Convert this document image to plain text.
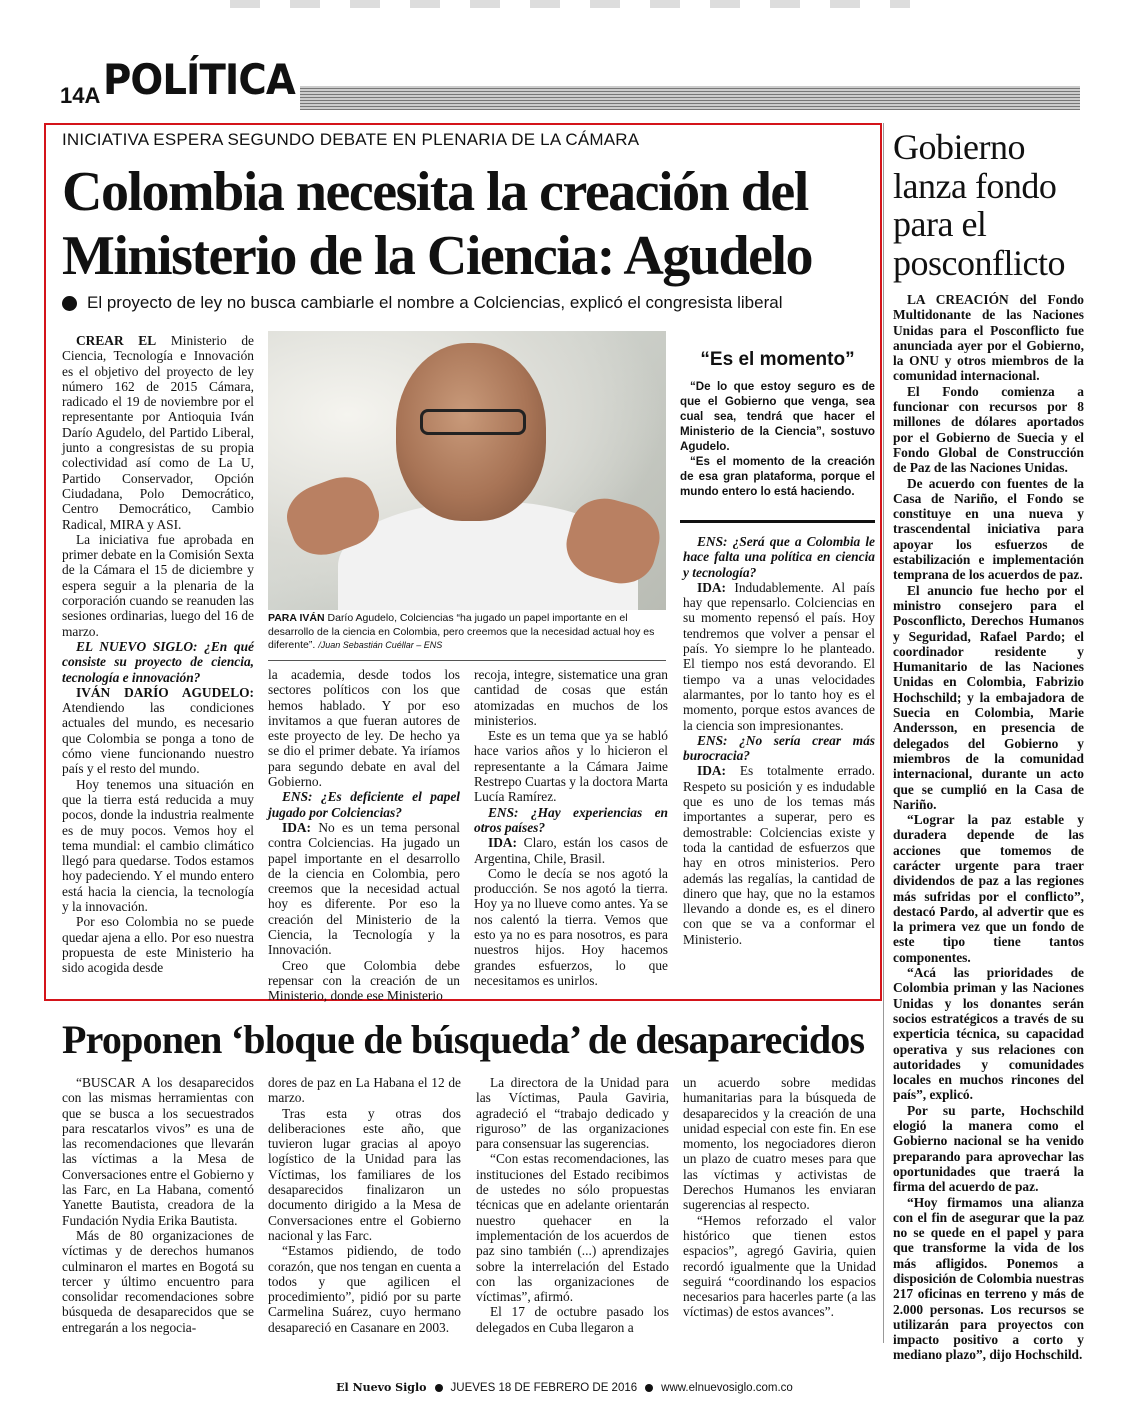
14A POLÍTICA
INICIATIVA ESPERA SEGUNDO DEBATE EN PLENARIA DE LA CÁMARA
Colombia necesita la creación del Ministerio de la Ciencia: Agudelo
El proyecto de ley no busca cambiarle el nombre a Colciencias, explicó el congresista liberal

CREAR EL Ministerio de Ciencia, Tecnología e Innovación es el objetivo del proyecto de ley número 162 de 2015 Cámara, radicado el 19 de noviembre por el representante por Antioquia Iván Darío Agudelo, del Partido Liberal, junto a congresistas de su propia colectividad así como de La U, Partido Conservador, Opción Ciudadana, Polo Democrático, Centro Democrático, Cambio Radical, MIRA y ASI.

La iniciativa fue aprobada en primer debate en la Comisión Sexta de la Cámara el 15 de diciembre y espera seguir a la plenaria de la corporación cuando se reanuden las sesiones ordinarias, luego del 16 de marzo.

EL NUEVO SIGLO: ¿En qué consiste su proyecto de ciencia, tecnología e innovación?

IVÁN DARÍO AGUDELO: Atendiendo las condiciones actuales del mundo, es necesario que Colombia se ponga a tono de cómo viene funcionando nuestro país y el resto del mundo.

Hoy tenemos una situación en que la tierra está reducida a muy pocos, donde la industria realmente es de muy pocos. Vemos hoy el tema mundial: el cambio climático llegó para quedarse. Todos estamos hoy padeciendo. Y el mundo entero está hacia la ciencia, la tecnología y la innovación.

Por eso Colombia no se puede quedar ajena a ello. Por eso nuestra propuesta de este Ministerio ha sido acogida desde

PARA IVÁN Darío Agudelo, Colciencias “ha jugado un papel importante en el desarrollo de la ciencia en Colombia, pero creemos que la necesidad actual hoy es diferente”. /Juan Sebastián Cuéllar – ENS

la academia, desde todos los sectores políticos con los que hemos hablado. Y por eso invitamos a que fueran autores de este proyecto de ley. De hecho ya se dio el primer debate. Ya iríamos para segundo debate en aval del Gobierno.

ENS: ¿Es deficiente el papel jugado por Colciencias?

IDA: No es un tema personal contra Colciencias. Ha jugado un papel importante en el desarrollo de la ciencia en Colombia, pero creemos que la necesidad actual hoy es diferente. Por eso la creación del Ministerio de la Ciencia, la Tecnología y la Innovación.

Creo que Colombia debe repensar con la creación de un Ministerio, donde ese Ministerio

recoja, integre, sistematice una gran cantidad de cosas que están atomizadas en muchos de los ministerios.

Este es un tema que ya se habló hace varios años y lo hicieron el representante a la Cámara Jaime Restrepo Cuartas y la doctora Marta Lucía Ramírez.

ENS: ¿Hay experiencias en otros países?

IDA: Claro, están los casos de Argentina, Chile, Brasil.

Como le decía se nos agotó la producción. Se nos agotó la tierra. Hoy ya no llueve como antes. Ya se nos calentó la tierra. Vemos que esto ya no es para nosotros, es para nuestros hijos. Hoy hacemos grandes esfuerzos, lo que necesitamos es unirlos.

“Es el momento”

“De lo que estoy seguro es de que el Gobierno que venga, sea cual sea, tendrá que hacer el Ministerio de la Ciencia”, sostuvo Agudelo.

“Es el momento de la creación de esa gran plataforma, porque el mundo entero lo está haciendo.

ENS: ¿Será que a Colombia le hace falta una política en ciencia y tecnología?

IDA: Indudablemente. Al país hay que repensarlo. Colciencias en su momento repensó el país. Hoy tendremos que volver a pensar el país. Yo siempre lo he planteado. El tiempo nos está devorando. El tiempo va a unas velocidades alarmantes, por lo tanto hoy es el momento, porque estos avances de la ciencia son impresionantes.

ENS: ¿No sería crear más burocracia?

IDA: Es totalmente errado. Respeto su posición y es indudable que es uno de los temas más importantes a superar, pero es demostrable: Colciencias existe y toda la cantidad de esfuerzos que hay en otros ministerios. Pero además las regalías, la cantidad de dinero que hay, que no la estamos llevando a donde es, es el dinero con que se va a conformar el Ministerio.

Gobierno lanza fondo para el posconflicto

LA CREACIÓN del Fondo Multidonante de las Naciones Unidas para el Posconflicto fue anunciada ayer por el Gobierno, la ONU y otros miembros de la comunidad internacional.

El Fondo comienza a funcionar con recursos por 8 millones de dólares aportados por el Gobierno de Suecia y el Fondo Global de Construcción de Paz de las Naciones Unidas.

De acuerdo con fuentes de la Casa de Nariño, el Fondo se constituye en una nueva y trascendental iniciativa para apoyar los esfuerzos de estabilización e implementación temprana de los acuerdos de paz.

El anuncio fue hecho por el ministro consejero para el Posconflicto, Derechos Humanos y Seguridad, Rafael Pardo; el coordinador residente y Humanitario de las Naciones Unidas en Colombia, Fabrizio Hochschild; y la embajadora de Suecia en Colombia, Marie Andersson, en presencia de delegados del Gobierno y miembros de la comunidad internacional, durante un acto que se cumplió en la Casa de Nariño.

“Lograr la paz estable y duradera depende de las acciones que tomemos de carácter urgente para traer dividendos de paz a las regiones más sufridas por el conflicto”, destacó Pardo, al advertir que es la primera vez que un fondo de este tipo tiene tantos componentes.

“Acá las prioridades de Colombia priman y las Naciones Unidas y los donantes serán socios estratégicos a través de su experticia técnica, su capacidad operativa y sus relaciones con autoridades y comunidades locales en muchos rincones del país”, explicó.

Por su parte, Hochschild elogió la manera como el Gobierno nacional se ha venido preparando para aprovechar las oportunidades que traerá la firma del acuerdo de paz.

“Hoy firmamos una alianza con el fin de asegurar que la paz no se quede en el papel y para que transforme la vida de los más afligidos. Ponemos a disposición de Colombia nuestras 217 oficinas en terreno y más de 2.000 personas. Los recursos se utilizarán para proyectos con impacto positivo a corto y mediano plazo”, dijo Hochschild.

Proponen ‘bloque de búsqueda’ de desaparecidos

“BUSCAR A los desaparecidos con las mismas herramientas con que se busca a los secuestrados para rescatarlos vivos” es una de las recomendaciones que llevarán las víctimas a la Mesa de Conversaciones entre el Gobierno y las Farc, en La Habana, comentó Yanette Bautista, creadora de la Fundación Nydia Erika Bautista.

Más de 80 organizaciones de víctimas y de derechos humanos culminaron el martes en Bogotá su tercer y último encuentro para consolidar recomendaciones sobre búsqueda de desaparecidos que se entregarán a los negocia-

dores de paz en La Habana el 12 de marzo.

Tras esta y otras dos deliberaciones este año, que tuvieron lugar gracias al apoyo logístico de la Unidad para las Víctimas, los familiares de los desaparecidos finalizaron un documento dirigido a la Mesa de Conversaciones entre el Gobierno nacional y las Farc.

“Estamos pidiendo, de todo corazón, que nos tengan en cuenta a todos y que agilicen el procedimiento”, pidió por su parte Carmelina Suárez, cuyo hermano desapareció en Casanare en 2003.

La directora de la Unidad para las Víctimas, Paula Gaviria, agradeció el “trabajo dedicado y riguroso” de las organizaciones para consensuar las sugerencias.

“Con estas recomendaciones, las instituciones del Estado recibimos de ustedes no sólo propuestas técnicas que en adelante orientarán nuestro quehacer en la implementación de los acuerdos de paz sino también (...) aprendizajes sobre la interrelación del Estado con las organizaciones de víctimas”, afirmó.

El 17 de octubre pasado los delegados en Cuba llegaron a

un acuerdo sobre medidas humanitarias para la búsqueda de desaparecidos y la creación de una unidad especial con este fin. En ese momento, los negociadores dieron un plazo de cuatro meses para que las víctimas y activistas de Derechos Humanos les enviaran sugerencias al respecto.

“Hemos reforzado el valor histórico que tienen estos espacios”, agregó Gaviria, quien recordó igualmente que la Unidad seguirá “coordinando los espacios necesarios para hacerles parte (a las víctimas) de estos avances”.

El Nuevo Siglo JUEVES 18 DE FEBRERO DE 2016 www.elnuevosiglo.com.co
